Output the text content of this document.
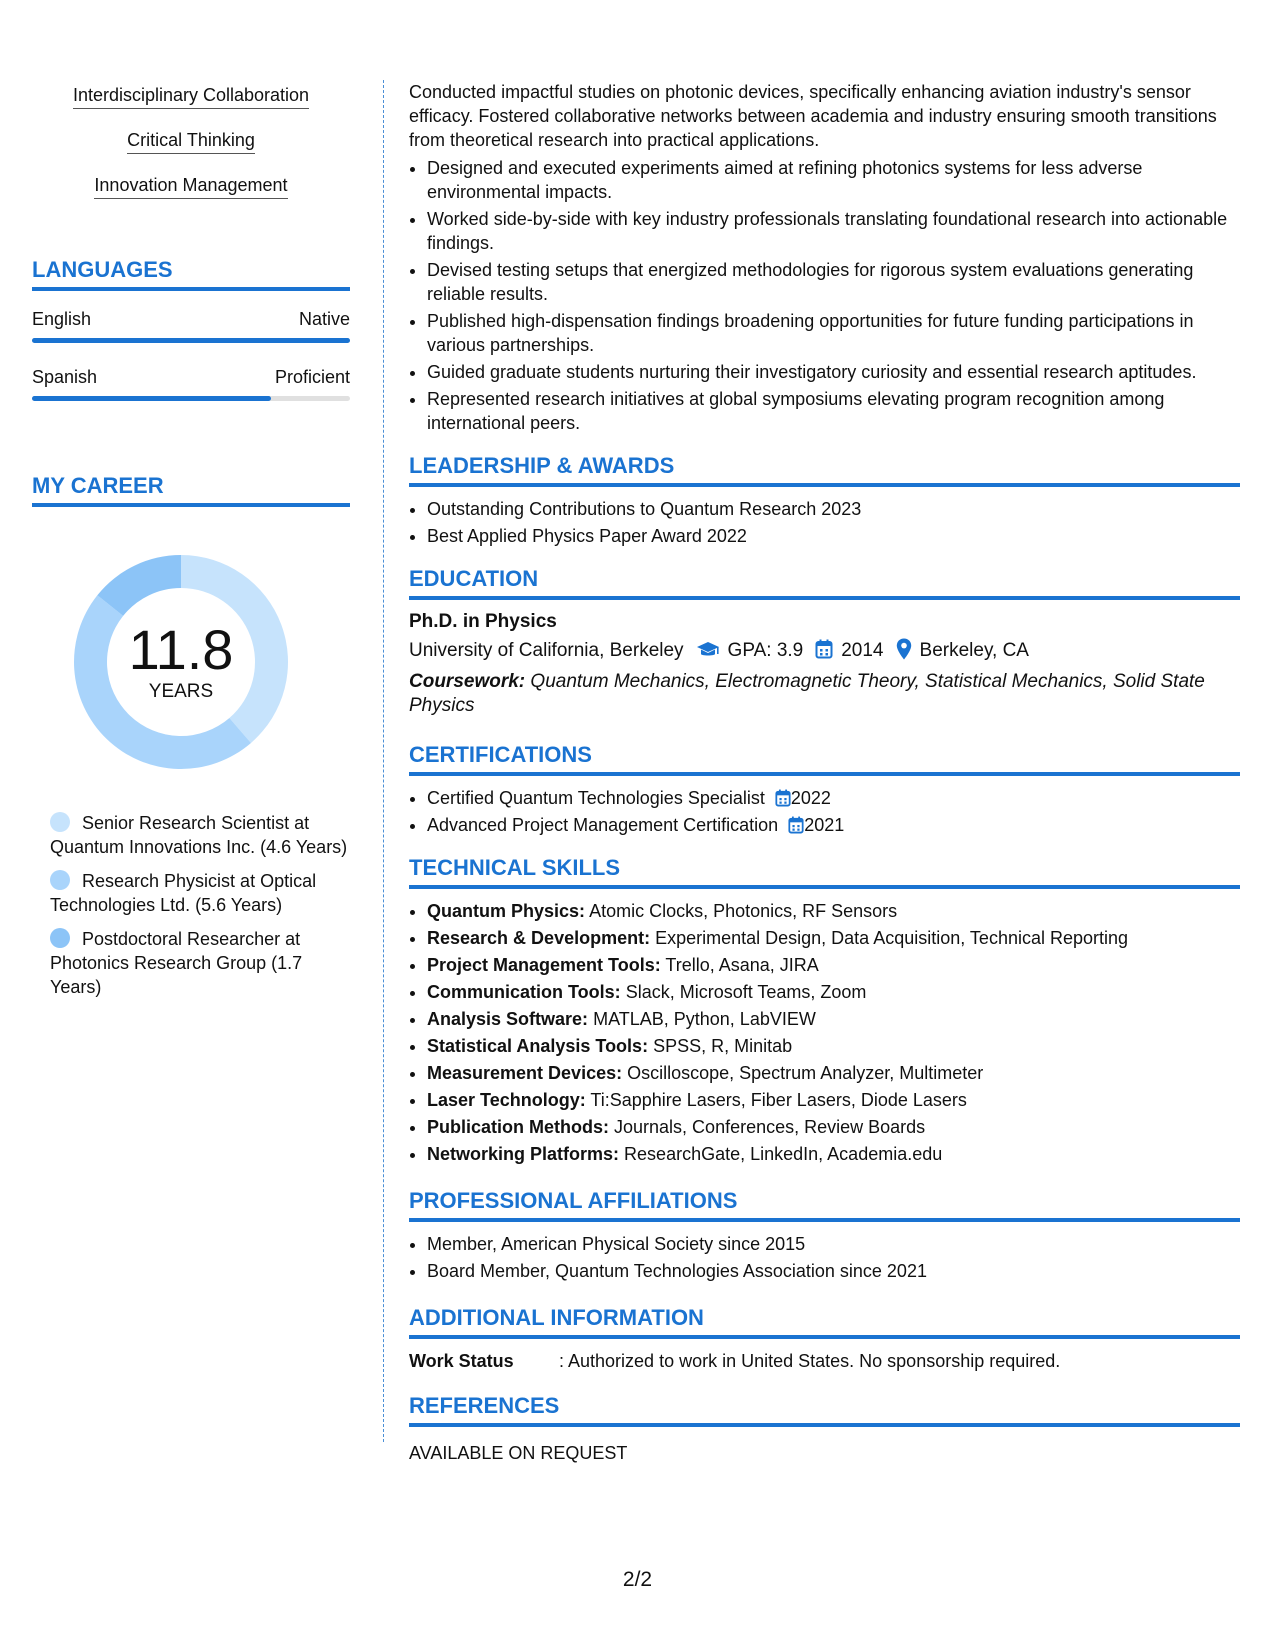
Interdisciplinary Collaboration
Critical Thinking
Innovation Management
LANGUAGES
English	Native
Spanish	Proficient
MY CAREER
11.8
YEARS
Senior Research Scientist at Quantum Innovations Inc. (4.6 Years)
Research Physicist at Optical Technologies Ltd. (5.6 Years)
Postdoctoral Researcher at Photonics Research Group (1.7 Years)

Conducted impactful studies on photonic devices, specifically enhancing aviation industry's sensor efficacy. Fostered collaborative networks between academia and industry ensuring smooth transitions from theoretical research into practical applications.

• Designed and executed experiments aimed at refining photonics systems for less adverse environmental impacts.
• Worked side-by-side with key industry professionals translating foundational research into actionable findings.
• Devised testing setups that energized methodologies for rigorous system evaluations generating reliable results.
• Published high-dispensation findings broadening opportunities for future funding participations in various partnerships.
• Guided graduate students nurturing their investigatory curiosity and essential research aptitudes.
• Represented research initiatives at global symposiums elevating program recognition among international peers.
LEADERSHIP & AWARDS
• Outstanding Contributions to Quantum Research 2023
• Best Applied Physics Paper Award 2022
EDUCATION
Ph.D. in Physics
University of California, Berkeley GPA: 3.9 2014 Berkeley, CA
Coursework: Quantum Mechanics, Electromagnetic Theory, Statistical Mechanics, Solid State Physics
CERTIFICATIONS
• Certified Quantum Technologies Specialist 2022
• Advanced Project Management Certification 2021
TECHNICAL SKILLS
• Quantum Physics: Atomic Clocks, Photonics, RF Sensors
• Research & Development: Experimental Design, Data Acquisition, Technical Reporting
• Project Management Tools: Trello, Asana, JIRA
• Communication Tools: Slack, Microsoft Teams, Zoom
• Analysis Software: MATLAB, Python, LabVIEW
• Statistical Analysis Tools: SPSS, R, Minitab
• Measurement Devices: Oscilloscope, Spectrum Analyzer, Multimeter
• Laser Technology: Ti:Sapphire Lasers, Fiber Lasers, Diode Lasers
• Publication Methods: Journals, Conferences, Review Boards
• Networking Platforms: ResearchGate, LinkedIn, Academia.edu
PROFESSIONAL AFFILIATIONS
• Member, American Physical Society since 2015
• Board Member, Quantum Technologies Association since 2021
ADDITIONAL INFORMATION
Work Status	: Authorized to work in United States. No sponsorship required.
REFERENCES
AVAILABLE ON REQUEST
2/2
